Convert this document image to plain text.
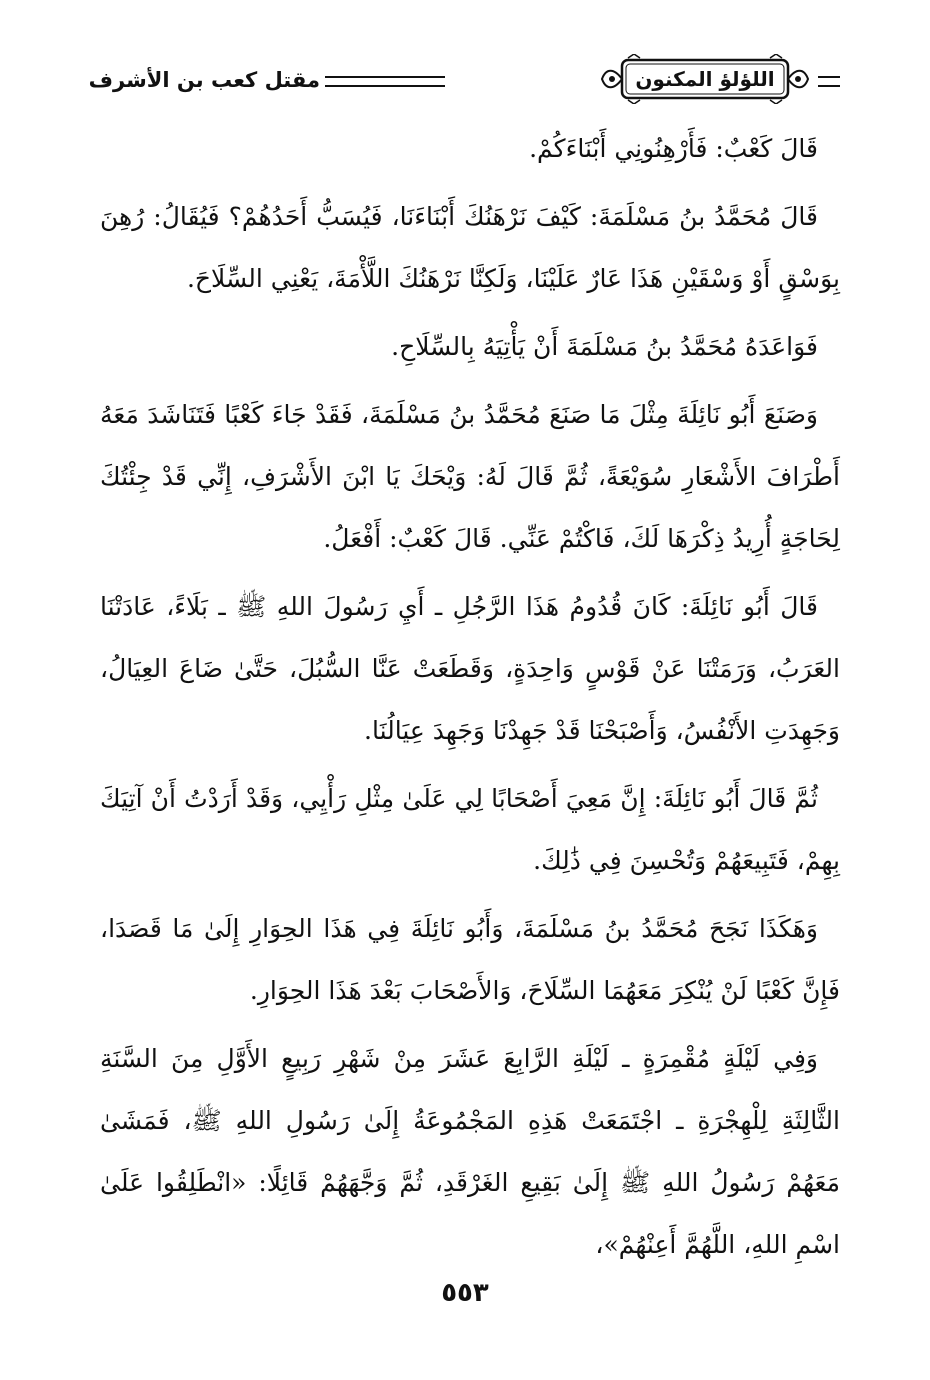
اللؤلؤ المكنون
مقتل كعب بن الأشرف

قَالَ كَعْبٌ: فَأَرْهِنُونِي أَبْنَاءَكُمْ.

قَالَ مُحَمَّدُ بنُ مَسْلَمَةَ: كَيْفَ نَرْهَنُكَ أَبْنَاءَنَا، فَيُسَبُّ أَحَدُهُمْ؟ فَيُقَالُ: رُهِنَ بِوَسْقٍ أَوْ وَسْقَيْنِ هَذَا عَارٌ عَلَيْنَا، وَلَكِنَّا نَرْهَنُكَ اللَّأْمَةَ، يَعْنِي السِّلَاحَ.

فَوَاعَدَهُ مُحَمَّدُ بنُ مَسْلَمَةَ أَنْ يَأْتِيَهُ بِالسِّلَاحِ.

وَصَنَعَ أَبُو نَائِلَةَ مِثْلَ مَا صَنَعَ مُحَمَّدُ بنُ مَسْلَمَةَ، فَقَدْ جَاءَ كَعْبًا فَتَنَاشَدَ مَعَهُ أَطْرَافَ الأَشْعَارِ سُوَيْعَةً، ثُمَّ قَالَ لَهُ: وَيْحَكَ يَا ابْنَ الأَشْرَفِ، إِنِّي قَدْ جِئْتُكَ لِحَاجَةٍ أُرِيدُ ذِكْرَهَا لَكَ، فَاكْتُمْ عَنِّي. قَالَ كَعْبٌ: أَفْعَلُ.

قَالَ أَبُو نَائِلَةَ: كَانَ قُدُومُ هَذَا الرَّجُلِ ـ أَيِ رَسُولَ اللهِ ﷺ ـ بَلَاءً، عَادَتْنَا العَرَبُ، وَرَمَتْنَا عَنْ قَوْسٍ وَاحِدَةٍ، وَقَطَعَتْ عَنَّا السُّبُلَ، حَتَّىٰ ضَاعَ العِيَالُ، وَجَهِدَتِ الأَنْفُسُ، وَأَصْبَحْنَا قَدْ جَهِدْنَا وَجَهِدَ عِيَالُنَا.

ثُمَّ قَالَ أَبُو نَائِلَةَ: إِنَّ مَعِيَ أَصْحَابًا لِي عَلَىٰ مِثْلِ رَأْيِي، وَقَدْ أَرَدْتُ أَنْ آتِيَكَ بِهِمْ، فَتَبِيعَهُمْ وَتُحْسِنَ فِي ذَٰلِكَ.

وَهَكَذَا نَجَحَ مُحَمَّدُ بنُ مَسْلَمَةَ، وَأَبُو نَائِلَةَ فِي هَذَا الحِوَارِ إِلَىٰ مَا قَصَدَا، فَإِنَّ كَعْبًا لَنْ يُنْكِرَ مَعَهُمَا السِّلَاحَ، وَالأَصْحَابَ بَعْدَ هَذَا الحِوَارِ.

وَفِي لَيْلَةٍ مُقْمِرَةٍ ـ لَيْلَةِ الرَّابِعَ عَشَرَ مِنْ شَهْرِ رَبِيعٍ الأَوَّلِ مِنَ السَّنَةِ الثَّالِثَةِ لِلْهِجْرَةِ ـ اجْتَمَعَتْ هَذِهِ المَجْمُوعَةُ إِلَىٰ رَسُولِ اللهِ ﷺ، فَمَشَىٰ مَعَهُمْ رَسُولُ اللهِ ﷺ إِلَىٰ بَقِيعِ الغَرْقَدِ، ثُمَّ وَجَّهَهُمْ قَائِلًا: «انْطَلِقُوا عَلَىٰ اسْمِ اللهِ، اللَّهُمَّ أَعِنْهُمْ»،

٥٥٣
